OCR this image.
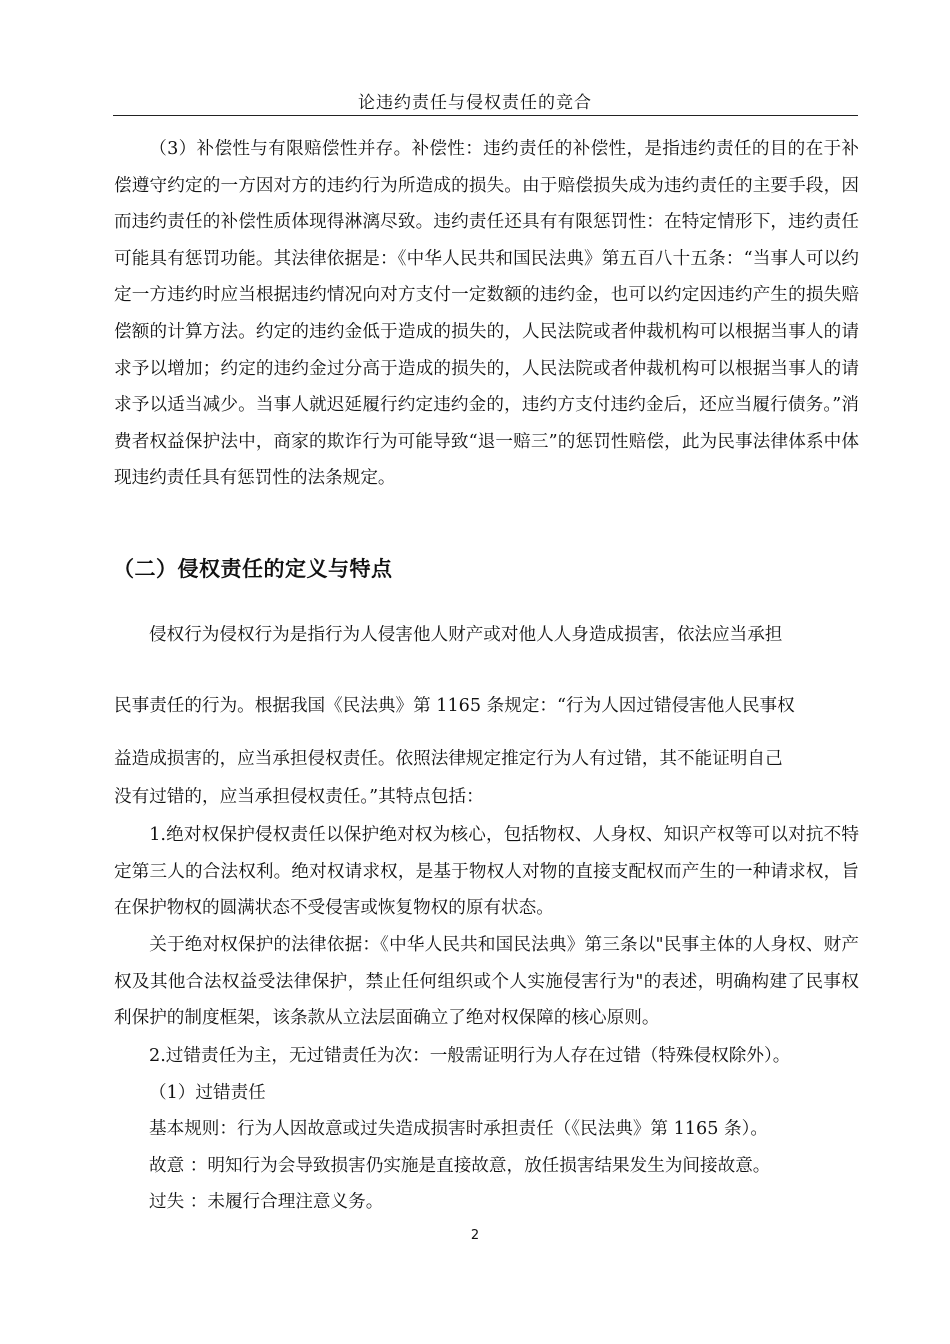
论违约责任与侵权责任的竞合

（3）补偿性与有限赔偿性并存。补偿性：违约责任的补偿性，是指违约责任的目的在于补偿遵守约定的一方因对方的违约行为所造成的损失。由于赔偿损失成为违约责任的主要手段，因而违约责任的补偿性质体现得淋漓尽致。违约责任还具有有限惩罚性：在特定情形下，违约责任可能具有惩罚功能。其法律依据是：《中华人民共和国民法典》第五百八十五条：“当事人可以约定一方违约时应当根据违约情况向对方支付一定数额的违约金，也可以约定因违约产生的损失赔偿额的计算方法。约定的违约金低于造成的损失的，人民法院或者仲裁机构可以根据当事人的请求予以增加；约定的违约金过分高于造成的损失的，人民法院或者仲裁机构可以根据当事人的请求予以适当减少。当事人就迟延履行约定违约金的，违约方支付违约金后，还应当履行债务。”消费者权益保护法中，商家的欺诈行为可能导致“退一赔三”的惩罚性赔偿，此为民事法律体系中体现违约责任具有惩罚性的法条规定。

（二）侵权责任的定义与特点
侵权行为侵权行为是指行为人侵害他人财产或对他人人身造成损害，依法应当承担
民事责任的行为。根据我国《民法典》第 1165 条规定：“行为人因过错侵害他人民事权
益造成损害的，应当承担侵权责任。依照法律规定推定行为人有过错，其不能证明自己
没有过错的，应当承担侵权责任。”其特点包括：

1.绝对权保护侵权责任以保护绝对权为核心，包括物权、人身权、知识产权等可以对抗不特定第三人的合法权利。绝对权请求权，是基于物权人对物的直接支配权而产生的一种请求权，旨在保护物权的圆满状态不受侵害或恢复物权的原有状态。

关于绝对权保护的法律依据：《中华人民共和国民法典》第三条以"民事主体的人身权、财产权及其他合法权益受法律保护，禁止任何组织或个人实施侵害行为"的表述，明确构建了民事权利保护的制度框架，该条款从立法层面确立了绝对权保障的核心原则。

2.过错责任为主，无过错责任为次：一般需证明行为人存在过错（特殊侵权除外）。
（1）过错责任
基本规则：行为人因故意或过失造成损害时承担责任（《民法典》第 1165 条）。
故意 ：明知行为会导致损害仍实施是直接故意，放任损害结果发生为间接故意。
过失 ：未履行合理注意义务。
2
